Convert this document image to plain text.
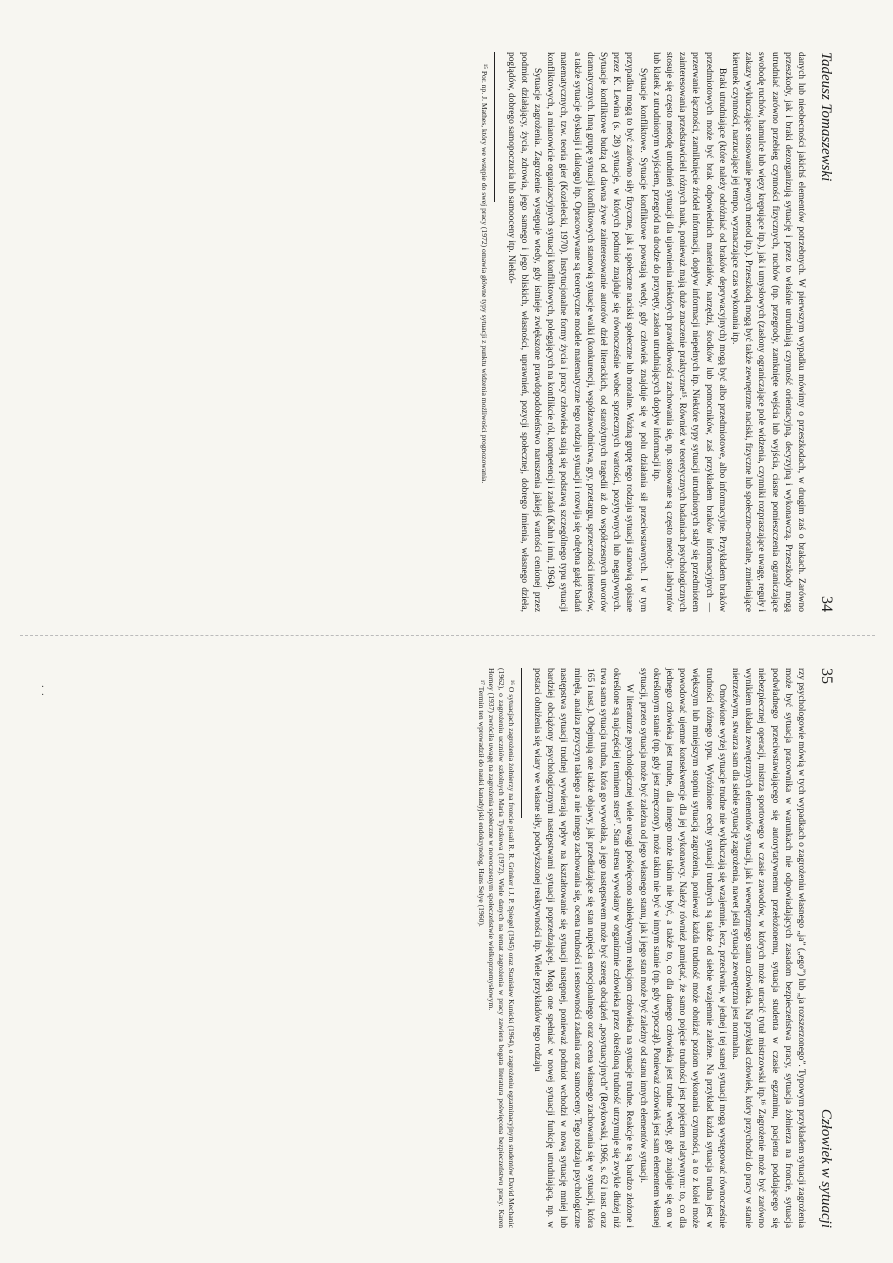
Tadeusz Tomaszewski
34

danych lub nieobecności jakichś elementów potrzebnych. W pierwszym wypadku mówimy o przeszkodach, w drugim zaś o brakach. Zarówno przeszkody, jak i braki dezorganizują sytuację i przez to właśnie utrudniają czynność orientacyjną, decyzyjną i wykonawczą. Przeszkody mogą utrudniać zarówno przebieg czynności fizycznych, ruchów (np. przegrody, zamknięte wejścia lub wyjścia, ciasne pomieszczenia ograniczające swobodę ruchów, hamulce lub więzy krępujące itp.), jak i umysłowych (zasłony ograniczające pole widzenia, czynniki rozpraszające uwagę, reguły i zakazy wykluczające stosowanie pewnych metod itp.). Przeszkodą mogą być także zewnętrzne naciski, fizyczne lub społeczno-moralne, zmieniające kierunek czynności, narzucające jej tempo, wyznaczające czas wykonania itp.

Braki utrudniające (które należy odróżniać od braków deprywacyjnych) mogą być albo przedmiotowe, albo informacyjne. Przykładem braków przedmiotowych może być brak odpowiednich materiałów, narzędzi, środków lub pomocników, zaś przykładem braków informacyjnych — przerwanie łączności, zamilknięcie źródeł informacji, dopływ informacji niepełnych itp. Niektóre typy sytuacji utrudnionych stały się przedmiotem zainteresowania przedstawicieli różnych nauk, ponieważ mają duże znaczenie praktyczne¹⁵. Również w teoretycznych badaniach psychologicznych stosuje się często metodę utrudnień sytuacji dla ujawnienia niektórych prawidłowości zachowania się, np. stosowane są często metody: labiryntów lub klatek z utrudnionym wyjściem, przegród na drodze do przynęty, zasłon utrudniających dopływ informacji itp.

Sytuacje konfliktowe. Sytuacje konfliktowe powstają wtedy, gdy człowiek znajduje się w polu działania sił przeciwstawnych. I w tym przypadku mogą to być zarówno siły fizyczne, jak i społeczne naciski społeczne lub moralne. Ważną grupę tego rodzaju sytuacji stanowią opisane przez K. Lewina (s. 28) sytuacje, w których podmiot znajduje się równocześnie wobec sprzecznych wartości, pozytywnych lub negatywnych. Sytuacje konfliktowe budzą od dawna żywe zainteresowanie autorów dzieł literackich, od starożytnych tragedii aż do współczesnych utworów dramatycznych. Inną grupę sytuacji konfliktowych stanowią sytuacje walki (konkurencji, współzawodnictwa, gry, przetargu, sprzeczności interesów, a także sytuacje dyskusji i dialogu) itp. Opracowywane są teoretyczne modele matematyczne tego rodzaju sytuacji i rozwija się odrębna gałąź badań matematycznych, tzw. teoria gier (Kozielecki, 1970). Instytucjonalne formy życia i pracy człowieka stają się podstawą szczególnego typu sytuacji konfliktowych, a mianowicie organizacyjnych sytuacji konfliktowych, polegających na konflikcie ról, kompetencji i zadań (Kahn i inni, 1964).

Sytuacje zagrożenia. Zagrożenie występuje wtedy, gdy istnieje zwiększone prawdopodobieństwo naruszenia jakiejś wartości cenionej przez podmiot działający, życia, zdrowia, jego samego i jego bliskich, własności, uprawnień, pozycji społecznej, dobrego imienia, własnego dzieła, poglądów, dobrego samopoczucia lub samooceny itp. Niektó-

¹⁵ Por. np. J. Mathes, który we wstępie do swej pracy (1972) omawia główne typy sytuacji z punktu widzenia możliwości prognozowania.

·
·
35
Człowiek w sytuacji

rzy psychologowie mówią w tych wypadkach o zagrożeniu własnego „ja” („ego”) lub „ja rozszerzonego”. Typowym przykładem sytuacji zagrożenia może być sytuacja pracownika w warunkach nie odpowiadających zasadom bezpieczeństwa pracy, sytuacja żołnierza na froncie, sytuacja podwładnego przeciwstawiającego się autorytatywnemu przełożonemu, sytuacja studenta w czasie egzaminu, pacjenta poddającego się niebezpiecznej operacji, mistrza sportowego w czasie zawodów, w których może utracić tytuł mistrzowski itp.¹⁶ Zagrożenie może być zarówno wynikiem układu zewnętrznych elementów sytuacji, jak i wewnętrznego stanu człowieka. Na przykład człowiek, który przychodzi do pracy w stanie nietrzeźwym, stwarza sam dla siebie sytuację zagrożenia, nawet jeśli sytuacja zewnętrzna jest normalna.

Omówione wyżej sytuacje trudne nie wykluczają się wzajemnie, lecz, przeciwnie, w jednej i tej samej sytuacji mogą występować równocześnie trudności różnego typu. Wyróżnione cechy sytuacji trudnych są także od siebie wzajemnie zależne. Na przykład każda sytuacja trudna jest w większym lub mniejszym stopniu sytuacją zagrożenia, ponieważ każda trudność może obniżać poziom wykonania czynności, a to z kolei może powodować ujemne konsekwencje dla jej wykonawcy. Należy również pamiętać, że samo pojęcie trudności jest pojęciem relatywnym: to, co dla jednego człowieka jest trudne, dla innego może takim nie być, a także to, co dla danego człowieka jest trudne wtedy, gdy znajduje się on w określonym stanie (np. gdy jest zmęczony), może takim nie być w innym stanie (np. gdy wypoczął). Ponieważ człowiek jest sam elementem własnej sytuacji, przeto sytuacja może być zależna od jego własnego stanu, jak i jego stan może być zależny od stanu innych elementów sytuacji.

W literaturze psychologicznej wiele uwagi poświęcono subiektywnym reakcjom człowieka na sytuacje trudne. Reakcje te są bardzo złożone i określone są najczęściej terminem stres¹⁷. Stan stresu wywołany w organizmie człowieka przez określoną trudność utrzymuje się zwykle dłużej niż trwa sama sytuacja trudna, która go wywołała, a jego następstwem może być szereg obciążeń „posytuacyjnych” (Reykowski, 1966, s. 62 i nast. oraz 165 i nast.). Obejmują one także objawy, jak przedłużające się stan napięcia emocjonalnego oraz ocena własnego zachowania się w sytuacji, która minęła, analiza przyczyn takiego a nie innego zachowania się, ocena trudności i sensowności zadania oraz samooceny. Tego rodzaju psychologiczne następstwa sytuacji trudnej wywierają wpływ na kształtowanie się sytuacji następnej, ponieważ podmiot wchodzi w nową sytuację mniej lub bardziej obciążony psychologicznymi następstwami sytuacji poprzedzającej. Mogą one spełniać w nowej sytuacji funkcję utrudniającą, np. w postaci obniżenia się wiary we własne siły, podwyższonej reaktywności itp. Wiele przykładów tego rodzaju

¹⁶ O sytuacjach zagrożenia żołnierzy na froncie pisali R. R. Grinker i J. P. Spiegel (1945) oraz Stanisław Kunicki (1964), o zagrożeniu egzaminacyjnym studentów David Mechanic (1962), o zagrożeniu uczniów szkolnych Maria Tyszkowa (1972). Wiele danych na temat zagrożenia w pracy zawiera bogata literatura poświęcona bezpieczeństwu pracy. Karen Horney (1937) zwróciła uwagę na zagrożenia społeczne w nowoczesnym społeczeństwie wielkoprzemysłowym.

¹⁷ Termin ten wprowadził do nauki kanadyjski endokrynolog, Hans Selye (1960).
